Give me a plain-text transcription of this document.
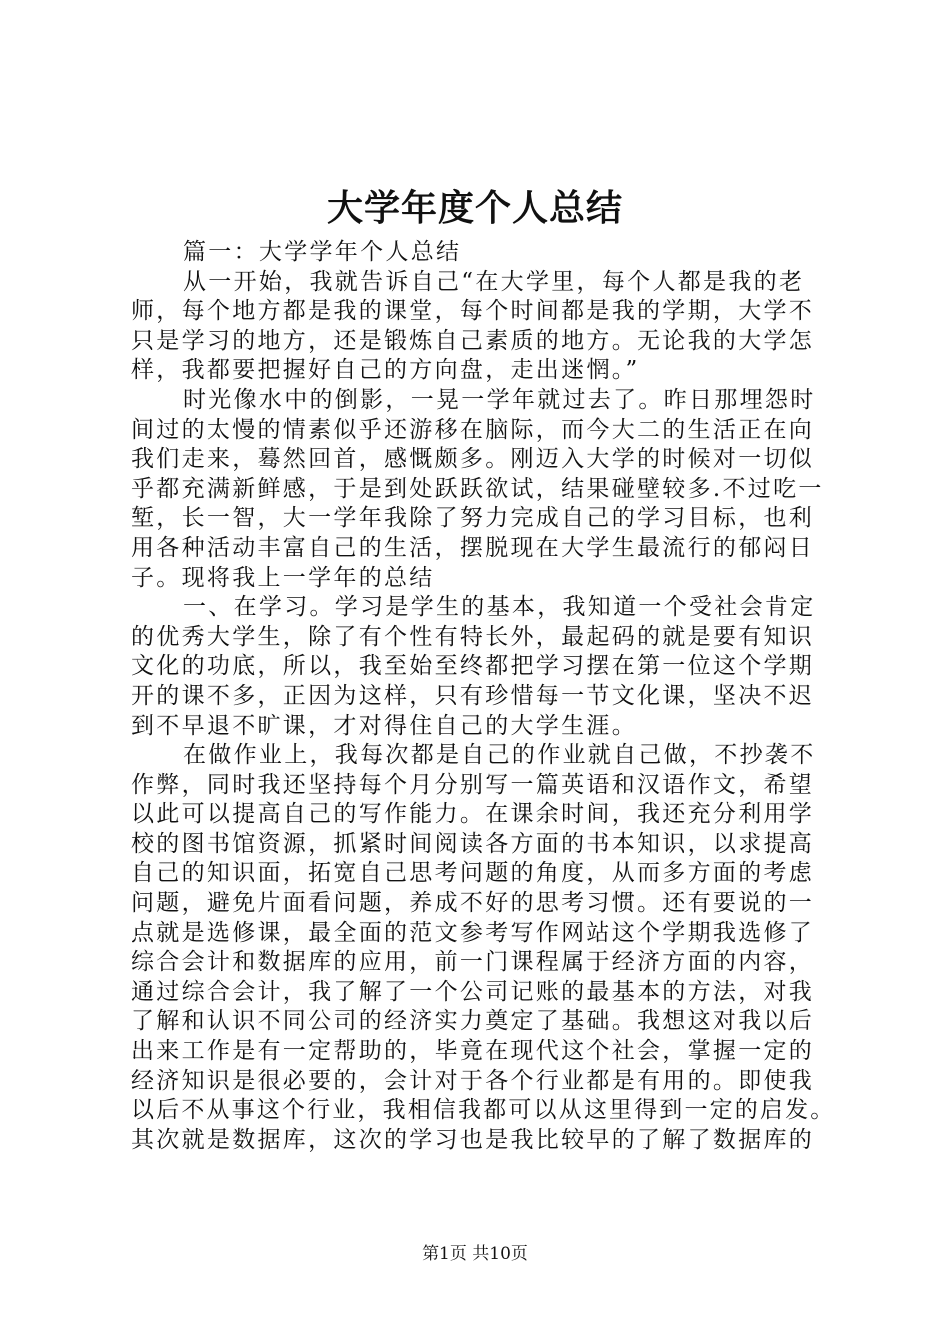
大学年度个人总结
篇一：大学学年个人总结
从一开始，我就告诉自己“在大学里，每个人都是我的老
师，每个地方都是我的课堂，每个时间都是我的学期，大学不
只是学习的地方，还是锻炼自己素质的地方。无论我的大学怎
样，我都要把握好自己的方向盘，走出迷惘。”
时光像水中的倒影，一晃一学年就过去了。昨日那埋怨时
间过的太慢的情素似乎还游移在脑际，而今大二的生活正在向
我们走来，蓦然回首，感慨颇多。刚迈入大学的时候对一切似
乎都充满新鲜感，于是到处跃跃欲试，结果碰壁较多.不过吃一
堑，长一智，大一学年我除了努力完成自己的学习目标，也利
用各种活动丰富自己的生活，摆脱现在大学生最流行的郁闷日
子。现将我上一学年的总结
一、在学习。学习是学生的基本，我知道一个受社会肯定
的优秀大学生，除了有个性有特长外，最起码的就是要有知识
文化的功底，所以，我至始至终都把学习摆在第一位这个学期
开的课不多，正因为这样，只有珍惜每一节文化课，坚决不迟
到不早退不旷课，才对得住自己的大学生涯。
在做作业上，我每次都是自己的作业就自己做，不抄袭不
作弊，同时我还坚持每个月分别写一篇英语和汉语作文，希望
以此可以提高自己的写作能力。在课余时间，我还充分利用学
校的图书馆资源，抓紧时间阅读各方面的书本知识，以求提高
自己的知识面，拓宽自己思考问题的角度，从而多方面的考虑
问题，避免片面看问题，养成不好的思考习惯。还有要说的一
点就是选修课，最全面的范文参考写作网站这个学期我选修了
综合会计和数据库的应用，前一门课程属于经济方面的内容，
通过综合会计，我了解了一个公司记账的最基本的方法，对我
了解和认识不同公司的经济实力奠定了基础。我想这对我以后
出来工作是有一定帮助的，毕竟在现代这个社会，掌握一定的
经济知识是很必要的，会计对于各个行业都是有用的。即使我
以后不从事这个行业，我相信我都可以从这里得到一定的启发。
其次就是数据库，这次的学习也是我比较早的了解了数据库的
第1页 共10页
